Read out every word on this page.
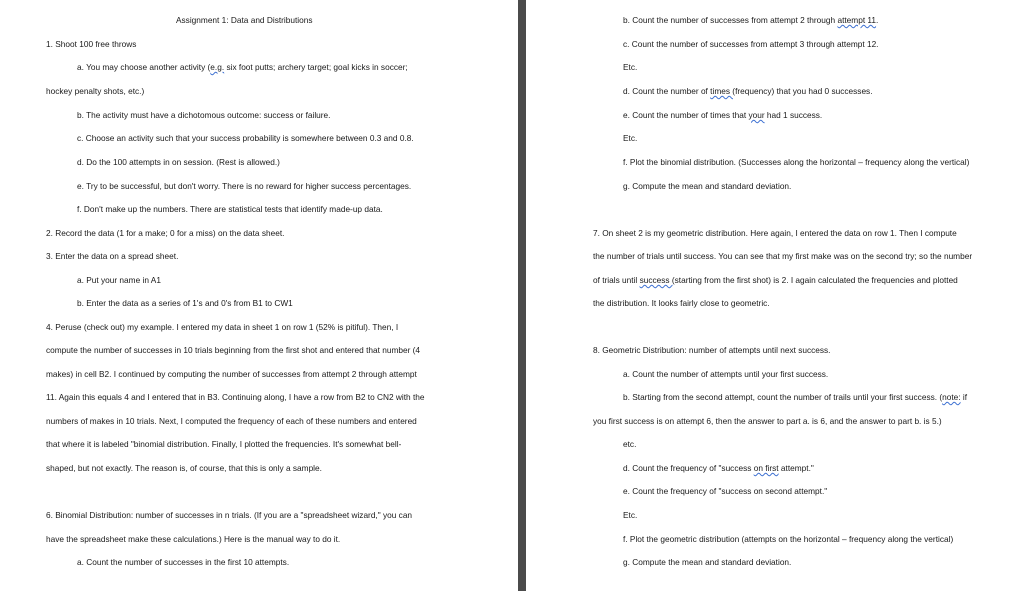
Assignment 1: Data and Distributions
1. Shoot 100 free throws
a. You may choose another activity (e.g. six foot putts; archery target; goal kicks in soccer;
hockey penalty shots, etc.)
b. The activity must have a dichotomous outcome: success or failure.
c. Choose an activity such that your success probability is somewhere between 0.3 and 0.8.
d. Do the 100 attempts in on session. (Rest is allowed.)
e. Try to be successful, but don't worry. There is no reward for higher success percentages.
f. Don't make up the numbers. There are statistical tests that identify made-up data.
2. Record the data (1 for a make; 0 for a miss) on the data sheet.
3. Enter the data on a spread sheet.
a. Put your name in A1
b. Enter the data as a series of 1's and 0's from B1 to CW1
4. Peruse (check out) my example. I entered my data in sheet 1 on row 1 (52% is pitiful). Then, I
compute the number of successes in 10 trials beginning from the first shot and entered that number (4
makes) in cell B2. I continued by computing the number of successes from attempt 2 through attempt
11. Again this equals 4 and I entered that in B3. Continuing along, I have a row from B2 to CN2 with the
numbers of makes in 10 trials. Next, I computed the frequency of each of these numbers and entered
that where it is labeled "binomial distribution. Finally, I plotted the frequencies. It's somewhat bell-
shaped, but not exactly. The reason is, of course, that this is only a sample.
6. Binomial Distribution: number of successes in n trials. (If you are a "spreadsheet wizard," you can
have the spreadsheet make these calculations.) Here is the manual way to do it.
a. Count the number of successes in the first 10 attempts.
b. Count the number of successes from attempt 2 through attempt 11.
c. Count the number of successes from attempt 3 through attempt 12.
Etc.
d. Count the number of times (frequency) that you had 0 successes.
e. Count the number of times that your had 1 success.
Etc.
f. Plot the binomial distribution. (Successes along the horizontal – frequency along the vertical)
g. Compute the mean and standard deviation.
7. On sheet 2 is my geometric distribution. Here again, I entered the data on row 1. Then I compute
the number of trials until success. You can see that my first make was on the second try; so the number
of trials until success (starting from the first shot) is 2. I again calculated the frequencies and plotted
the distribution. It looks fairly close to geometric.
8. Geometric Distribution: number of attempts until next success.
a. Count the number of attempts until your first success.
b. Starting from the second attempt, count the number of trails until your first success. (note: if
you first success is on attempt 6, then the answer to part a. is 6, and the answer to part b. is 5.)
etc.
d. Count the frequency of "success on first attempt."
e. Count the frequency of "success on second attempt."
Etc.
f. Plot the geometric distribution (attempts on the horizontal – frequency along the vertical)
g. Compute the mean and standard deviation.
